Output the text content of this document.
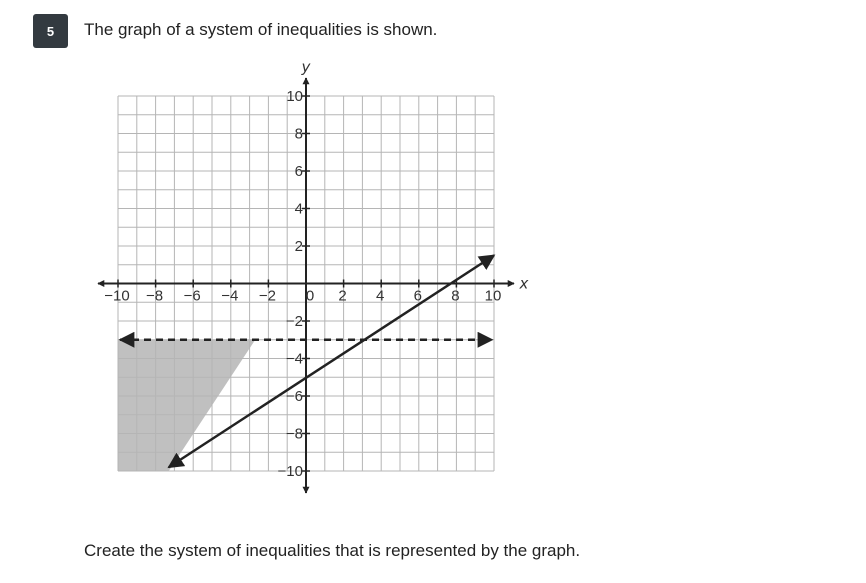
5	The graph of a system of inequalities is shown.
−10 −8 −6 −4 −2 0 2 4 6 8 10
10
8
6
4
2
−2
−4
−6
−8
−10
x
y
Create the system of inequalities that is represented by the graph.
